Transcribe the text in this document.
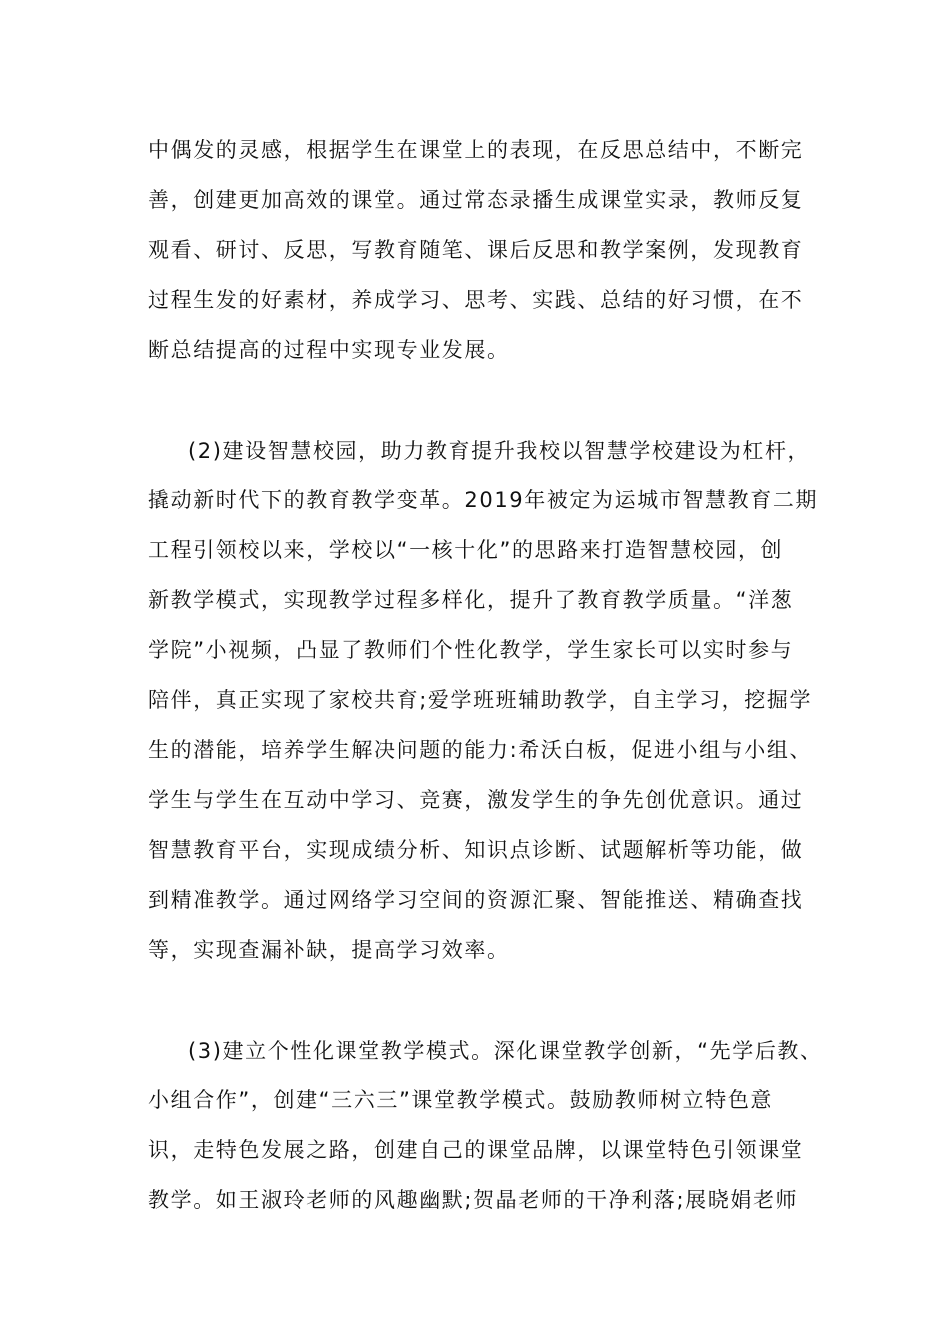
中偶发的灵感，根据学生在课堂上的表现，在反思总结中，不断完
善，创建更加高效的课堂。通过常态录播生成课堂实录，教师反复
观看、研讨、反思，写教育随笔、课后反思和教学案例，发现教育
过程生发的好素材，养成学习、思考、实践、总结的好习惯，在不
断总结提高的过程中实现专业发展。
(2)建设智慧校园，助力教育提升我校以智慧学校建设为杠杆，
撬动新时代下的教育教学变革。2019年被定为运城市智慧教育二期
工程引领校以来，学校以“一核十化”的思路来打造智慧校园，创
新教学模式，实现教学过程多样化，提升了教育教学质量。“洋葱
学院”小视频，凸显了教师们个性化教学，学生家长可以实时参与
陪伴，真正实现了家校共育;爱学班班辅助教学，自主学习，挖掘学
生的潜能，培养学生解决问题的能力:希沃白板，促进小组与小组、
学生与学生在互动中学习、竞赛，激发学生的争先创优意识。通过
智慧教育平台，实现成绩分析、知识点诊断、试题解析等功能，做
到精准教学。通过网络学习空间的资源汇聚、智能推送、精确查找
等，实现查漏补缺，提高学习效率。
(3)建立个性化课堂教学模式。深化课堂教学创新，“先学后教、
小组合作”，创建“三六三”课堂教学模式。鼓励教师树立特色意
识，走特色发展之路，创建自己的课堂品牌，以课堂特色引领课堂
教学。如王淑玲老师的风趣幽默;贺晶老师的干净利落;展晓娟老师
